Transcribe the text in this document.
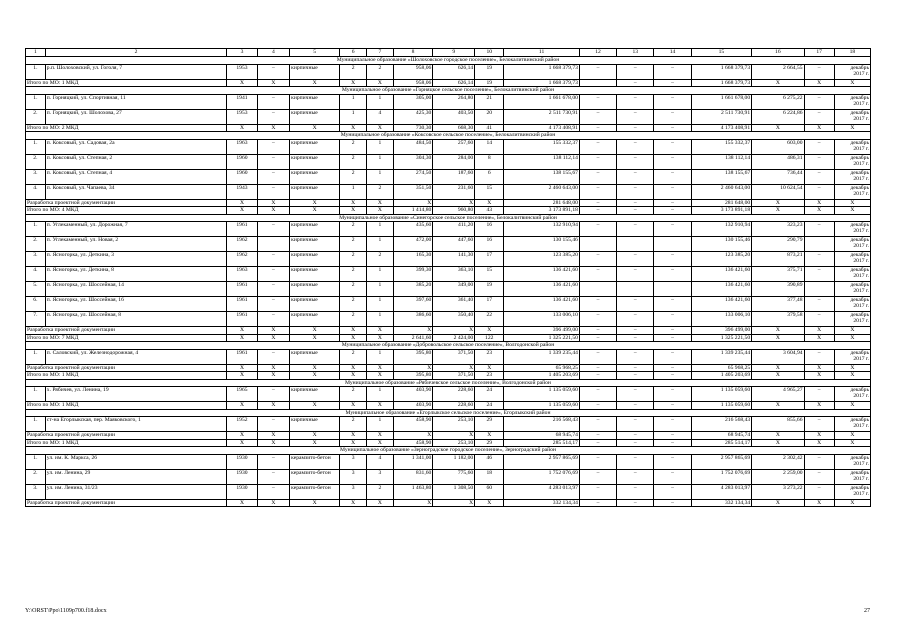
1	2	3	4	5	6	7	8	9	10	11	12	13	14	15	16	17	18
Муниципальное образование «Шолоховское городское поселение», Белокалитвинский район																	
1.	р.п. Шолоховский, ул. Гоголя, 7	1953	–	кирпичные	2	2	958,06	626,14	19	1 668 379,73	–	–	–	1 668 379,73	2 664,55	–	декабрь
2017 г.

Итого по МО: 1 МКД		X	X	X	X	X	958,06	626,14	19	1 668 379,73		–	–	1 668 379,73	X	X	X
Муниципальное образование «Горняцкое сельское поселение», Белокалитвинский район																	
1.	п. Горняцкий, ул. Спортивная, 11	1941	–	кирпичные	1	1	305,00	264,80	21	1 661 678,00	–	–	–	1 661 678,00	6 275,22	–	декабрь
2017 г.

2.	п. Горняцкий, ул. Шолохова, 27	1953	–	кирпичные	1	4	425,30	403,50	20	2 511 730,91	–	–	–	2 511 730,91	6 224,86	–	декабрь
2017 г.

Итого по МО: 2 МКД		X	X	X	X	X	730,30	668,30	41	4 173 408,91	–	–	–	4 173 408,91	X	X	X
Муниципальное образование «Коксовское сельское поселение», Белокалитвинский район																	
1.	п. Коксовый, ул. Садовая, 2а	1963	–	кирпичные	2	1	484,50	257,60	14	155 332,37	–	–	–	155 332,37	603,00	–	декабрь
2017 г.

2.	п. Коксовый, ул. Степная, 2	1960	–	кирпичные	2	1	304,30	284,00	8	138 112,14	–	–	–	138 112,14	486,31	–	декабрь
2017 г.

3.	п. Коксовый, ул. Степная, 4	1960	–	кирпичные	2	1	274,50	187,60	6	138 155,67	–	–	–	138 155,67	736,44	–	декабрь
2017 г.

4.	п. Коксовый, ул. Чапаева, 34	1943	–	кирпичные	1	2	351,50	231,60	15	2 460 643,00	–	–	–	2 460 643,00	10 624,54	–	декабрь
2017 г.

Разработка проектной документации		X	X	X	X	X	X	X	X	281 648,00	–	–	–	281 648,00	X	X	X
Итого по МО: 4 МКД		X	X	X	X	X	1 414,80	960,80	43	3 173 891,18	–	–	–	3 173 891,18	X	X	X
Муниципальное образование «Синегорское сельское поселение», Белокалитвинский район																	
1.	п. Углекаменный, ул. Дорожная, 7	1961	–	кирпичные	2	1	435,60	411,20	16	132 910,94	–	–	–	132 910,94	323,23	–	декабрь
2017 г.

2.	п. Углекаменный, ул. Новая, 2	1962		кирпичные	2	1	472,00	447,60	16	130 155,46				130 155,46	290,79		декабрь
2017 г.

3.	п. Ясногорка, ул. Деткина, 3	1962	–	кирпичные	2	2	165,30	141,30	17	123 385,20	–	–	–	123 385,20	873,21	–	декабрь
2017 г.

4.	п. Ясногорка, ул. Деткина, 8	1963	–	кирпичные	2	1	399,30	363,10	15	136 421,60	–	–	–	136 421,60	375,71	–	декабрь
2017 г.

5.	п. Ясногорка, ул. Шоссейная, 14	1961	–	кирпичные	2	1	385,20	349,00	19	136 421,60				136 421,60	390,89		декабрь
2017 г.

6.	п. Ясногорка, ул. Шоссейная, 16	1961	–	кирпичные	2	1	397,60	361,40	17	136 421,60	–	–	–	136 421,60	377,48	–	декабрь
2017 г.

7.	п. Ясногорка, ул. Шоссейная, 8	1961	–	кирпичные	2	1	386,60	350,40	22	133 006,10	–	–	–	133 006,10	379,58	–	декабрь
2017 г.

Разработка проектной документации		X	X	X	X	X	X	X	X	396 499,00	–	–	–	396 499,00	X	X	X
Итого по МО: 7 МКД		X	X	X	X	X	2 641,60	2 424,00	122	1 325 221,50	–	–	–	1 325 221,50	X	X	X
Муниципальное образование «Добровольское сельское поселение», Волгодонской район																	
1.	п. Саловский, ул. Железнодорожная, 4	1961	–	кирпичные	2	1	395,80	371,50	23	1 339 235,44	–	–	–	1 339 235,44	3 604,94	–	декабрь
2017 г.

Разработка проектной документации		X	X	X	X	X	X	X	X	65 968,25	–	–	–	65 968,25	X	X	X
Итого по МО: 1 МКД		X	X	X	X	X	395,80	371,50	23	1 405 203,69	–	–	–	1 405 203,69	X	X	X
Муниципальное образование «Рябичевское сельское поселение», Волгодонской район																	
1.	х. Рябичев, ул. Ленина, 19	1965	–	кирпичные	2	1	403,90	228,60	24	1 135 059,60	–	–	–	1 135 059,60	4 965,27	–	декабрь
2017 г.

Итого по МО: 1 МКД		X	X	X	X	X	403,90	228,60	24	1 135 059,60	–	–	–	1 135 059,60	X	X	X
Муниципальное образование «Егорлыкское сельское поселение», Егорлыкский район																	
1.	ст-на Егорлыкская, пер. Маяковского, 1	1952	–	кирпичные	2	1	458,90	253,10	29	216 568,43	–	–	–	216 568,43	855,66	–	декабрь
2017 г.

Разработка проектной документации		X	X	X	X	X	X	X	X	68 945,74	–	–	–	68 945,74	X	X	X
Итого по МО: 1 МКД		X	X	X	X	X	458,90	253,10	29	285 514,17	–	–	–	285 514,17	X	X	X
Муниципальное образование «Зерноградское городское поселение», Зерноградский район																	
1.	ул. им. К. Маркса, 26	1930	–	керамзито-бетон	3	4	1 341,00	1 182,00	46	2 957 865,69	–	–	–	2 957 865,69	2 302,42	–	декабрь
2017 г.

2.	ул. им. Ленина, 29	1930	–	керамзито-бетон	3	3	831,60	775,60	18	1 752 076,69	–	–	–	1 752 076,69	2 259,00	–	декабрь
2017 г.

3.	ул. им. Ленина, 31/23	1930	–	керамзито-бетон	3	2	1 463,80	1 308,50	60	4 283 013,97	–	–	–	4 283 013,97	3 273,22	–	декабрь
2017 г.

Разработка проектной документации		X	X	X	X	X	X	X	X	332 134,34	–	–	–	332 134,34	X	X	X
Y:\ORST\Ppo\1109p700.f18.docx	27
